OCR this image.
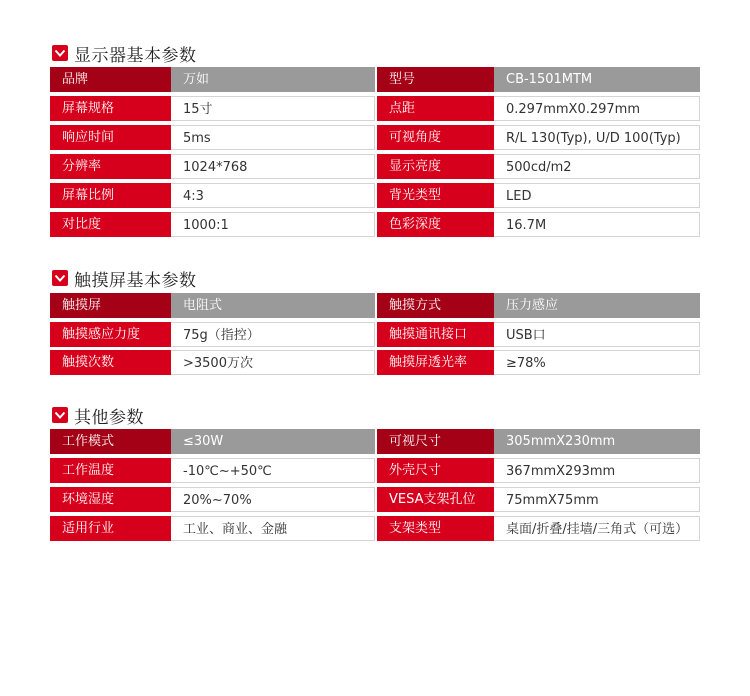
显示器基本参数
品牌	万如	型号	CB-1501MTM
屏幕规格	15寸	点距	0.297mmX0.297mm
响应时间	5ms	可视角度	R/L 130(Typ), U/D 100(Typ)
分辨率	1024*768	显示亮度	500cd/m2
屏幕比例	4:3	背光类型	LED
对比度	1000:1	色彩深度	16.7M
触摸屏基本参数
触摸屏	电阻式	触摸方式	压力感应
触摸感应力度	75g（指控）	触摸通讯接口	USB口
触摸次数	>3500万次	触摸屏透光率	≥78%
其他参数
工作模式	≤30W	可视尺寸	305mmX230mm
工作温度	-10℃~+50℃	外壳尺寸	367mmX293mm
环境湿度	20%~70%	VESA支架孔位	75mmX75mm
适用行业	工业、商业、金融	支架类型	桌面/折叠/挂墙/三角式（可选）
